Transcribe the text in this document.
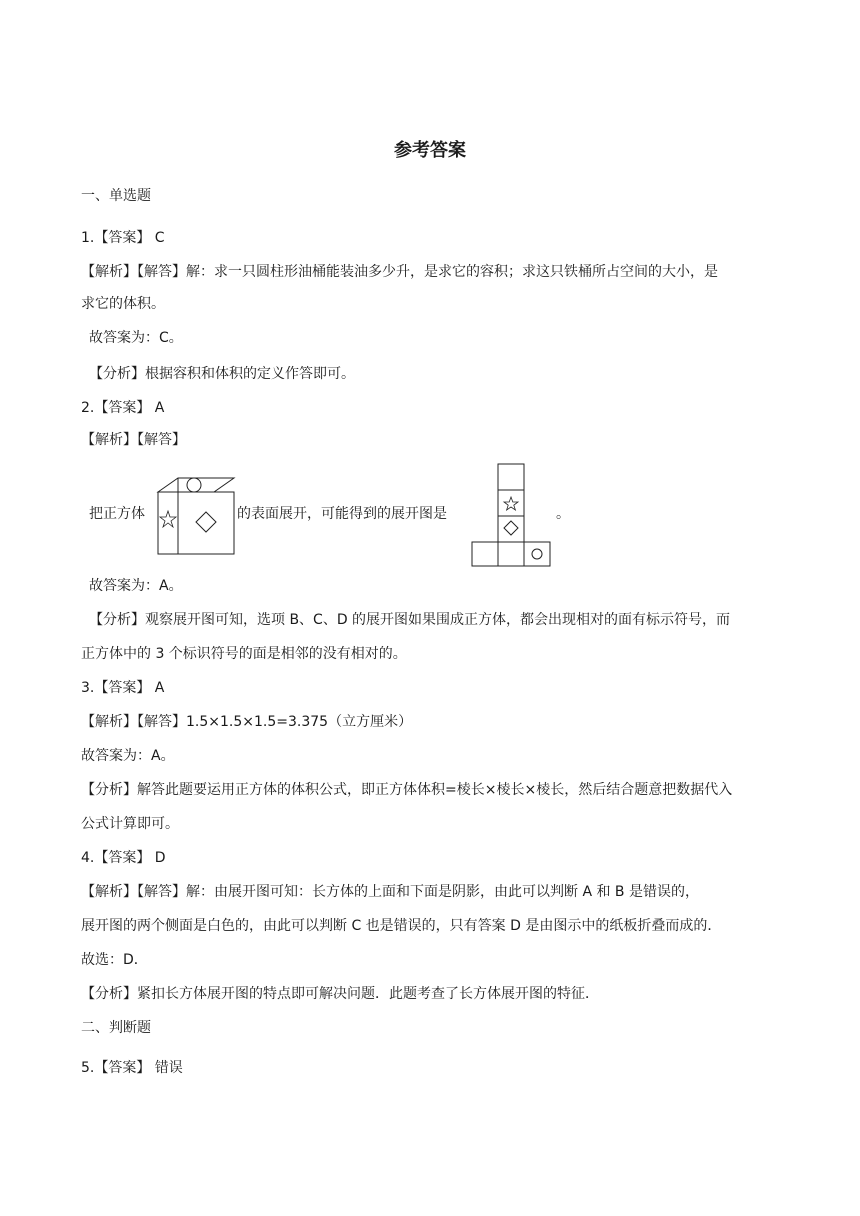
参考答案
一、单选题
1.【答案】 C
【解析】【解答】解：求一只圆柱形油桶能装油多少升，是求它的容积；求这只铁桶所占空间的大小，是
求它的体积。
故答案为：C。
【分析】根据容积和体积的定义作答即可。
2.【答案】 A
【解析】【解答】
把正方体	的表面展开，可能得到的展开图是	。
故答案为：A。
【分析】观察展开图可知，选项 B、C、D 的展开图如果围成正方体，都会出现相对的面有标示符号，而
正方体中的 3 个标识符号的面是相邻的没有相对的。
3.【答案】 A
【解析】【解答】1.5×1.5×1.5=3.375（立方厘米）
故答案为：A。
【分析】解答此题要运用正方体的体积公式，即正方体体积=棱长×棱长×棱长，然后结合题意把数据代入
公式计算即可。
4.【答案】 D
【解析】【解答】解：由展开图可知：长方体的上面和下面是阴影，由此可以判断 A 和 B 是错误的，
展开图的两个侧面是白色的，由此可以判断 C 也是错误的，只有答案 D 是由图示中的纸板折叠而成的．
故选：D．
【分析】紧扣长方体展开图的特点即可解决问题．此题考查了长方体展开图的特征．
二、判断题
5.【答案】 错误
